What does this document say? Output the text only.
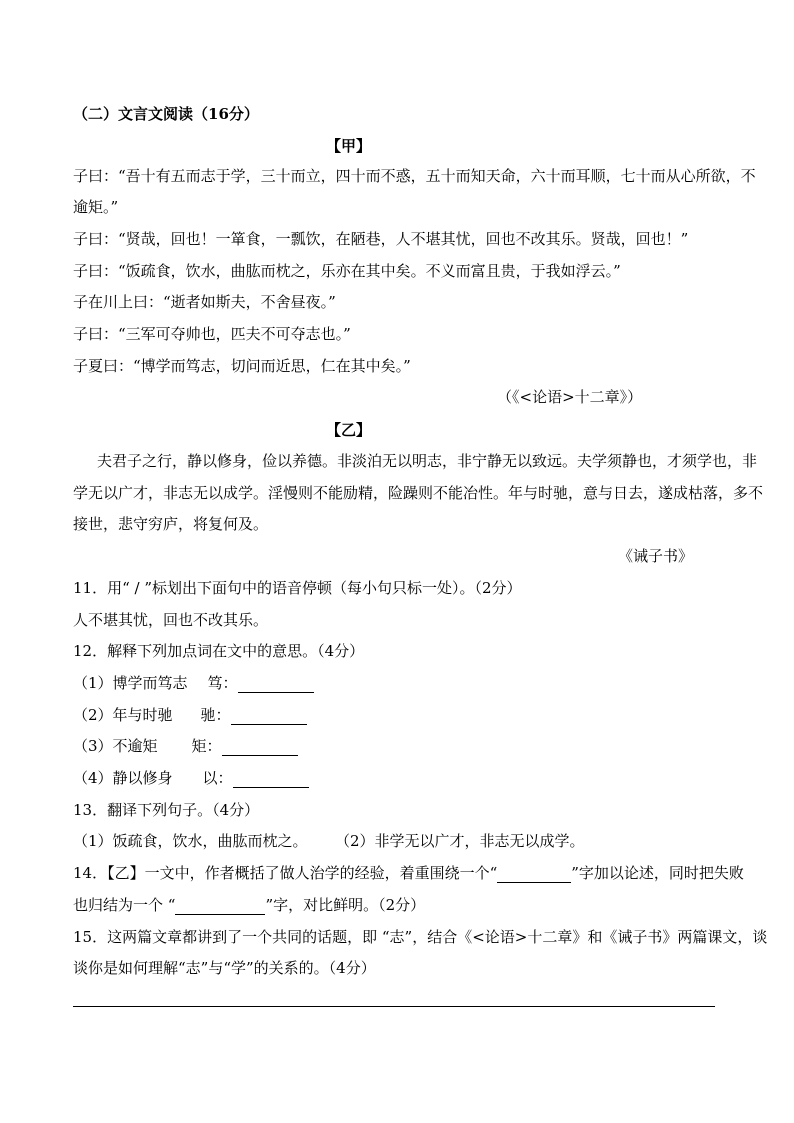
（二）文言文阅读（16分）
【甲】
子曰：“吾十有五而志于学，三十而立，四十而不惑，五十而知天命，六十而耳顺，七十而从心所欲，不
逾矩。”
子曰：“贤哉，回也！一箪食，一瓢饮，在陋巷，人不堪其忧，回也不改其乐。贤哉，回也！”
子曰：“饭疏食，饮水，曲肱而枕之，乐亦在其中矣。不义而富且贵，于我如浮云。”
子在川上曰：“逝者如斯夫，不舍昼夜。”
子曰：“三军可夺帅也，匹夫不可夺志也。”
子夏曰：“博学而笃志，切问而近思，仁在其中矣。”
（《<论语>十二章》）
【乙】
夫君子之行，静以修身，俭以养德。非淡泊无以明志，非宁静无以致远。夫学须静也，才须学也，非
学无以广才，非志无以成学。淫慢则不能励精，险躁则不能冶性。年与时驰，意与日去，遂成枯落，多不
接世，悲守穷庐，将复何及。
《诫子书》
11．用“ / ”标划出下面句中的语音停顿（每小句只标一处）。（2分）
人不堪其忧，回也不改其乐。
12．解释下列加点词在文中的意思。（4分）
（1）博学而笃志 笃：
（2）年与时驰 驰：
（3）不逾矩 矩：
（4）静以修身 以：
13．翻译下列句子。（4分）
（1）饭疏食，饮水，曲肱而枕之。 （2）非学无以广才，非志无以成学。
14．【乙】一文中，作者概括了做人治学的经验，着重围绕一个“	”字加以论述，同时把失败
也归结为一个 “	”字，对比鲜明。（2分）
15．这两篇文章都讲到了一个共同的话题，即 “志”，结合《<论语>十二章》和《诫子书》两篇课文，谈
谈你是如何理解“志”与“学”的关系的。（4分）
